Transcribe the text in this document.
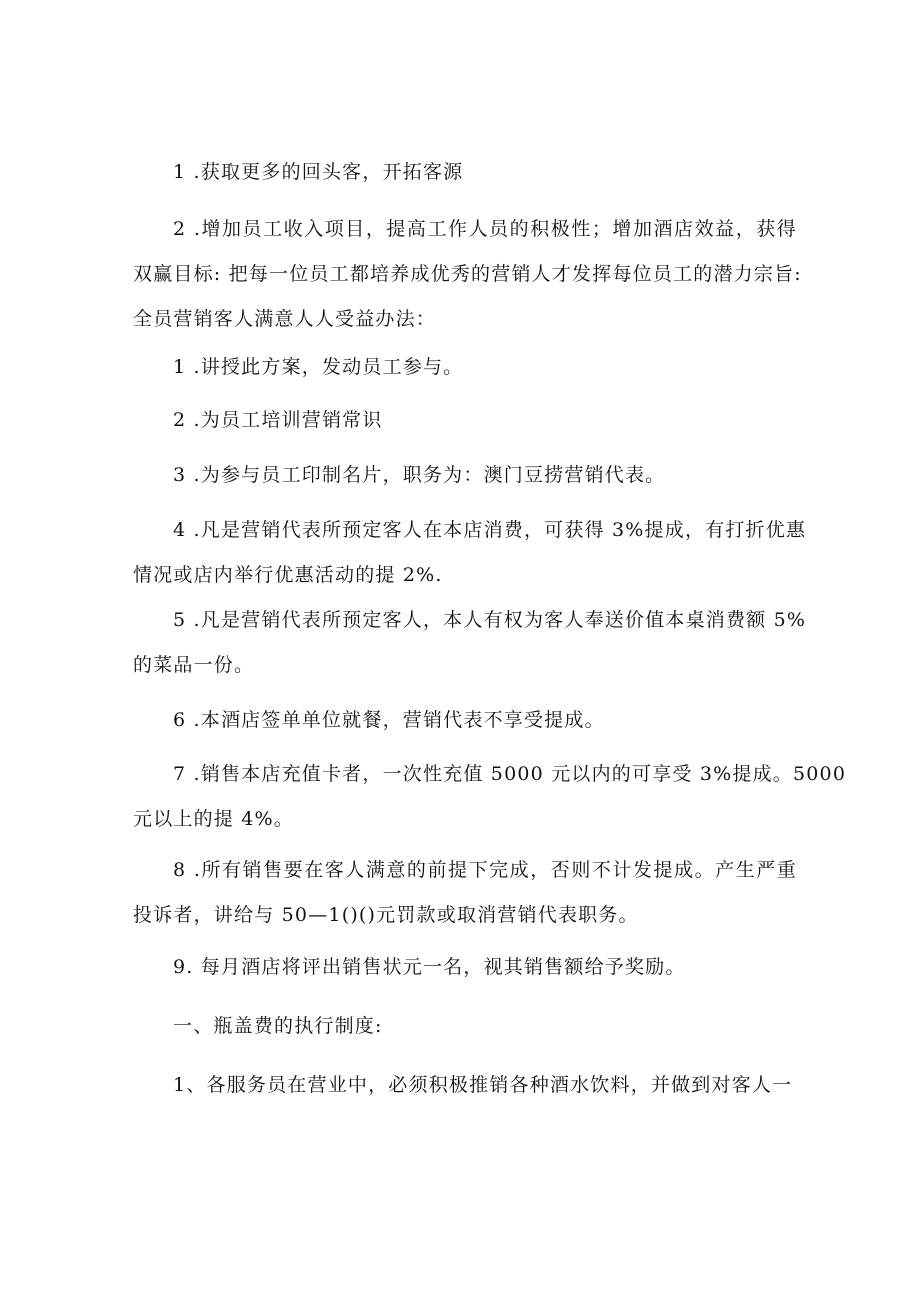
1 .获取更多的回头客，开拓客源

2 .增加员工收入项目，提高工作人员的积极性；增加酒店效益，获得
双赢目标: 把每一位员工都培养成优秀的营销人才发挥每位员工的潜力宗旨:
全员营销客人满意人人受益办法：

1 .讲授此方案，发动员工参与。

2 .为员工培训营销常识

3 .为参与员工印制名片，职务为：澳门豆捞营销代表。

4 .凡是营销代表所预定客人在本店消费，可获得 3%提成，有打折优惠
情况或店内举行优惠活动的提 2%.

5 .凡是营销代表所预定客人，本人有权为客人奉送价值本桌消费额 5%
的菜品一份。

6 .本酒店签单单位就餐，营销代表不享受提成。

7 .销售本店充值卡者，一次性充值 5000 元以内的可享受 3%提成。5000
元以上的提 4%。

8 .所有销售要在客人满意的前提下完成，否则不计发提成。产生严重
投诉者，讲给与 50—1()()元罚款或取消营销代表职务。

9. 每月酒店将评出销售状元一名，视其销售额给予奖励。

一、瓶盖费的执行制度:

1、各服务员在营业中，必须积极推销各种酒水饮料，并做到对客人一
